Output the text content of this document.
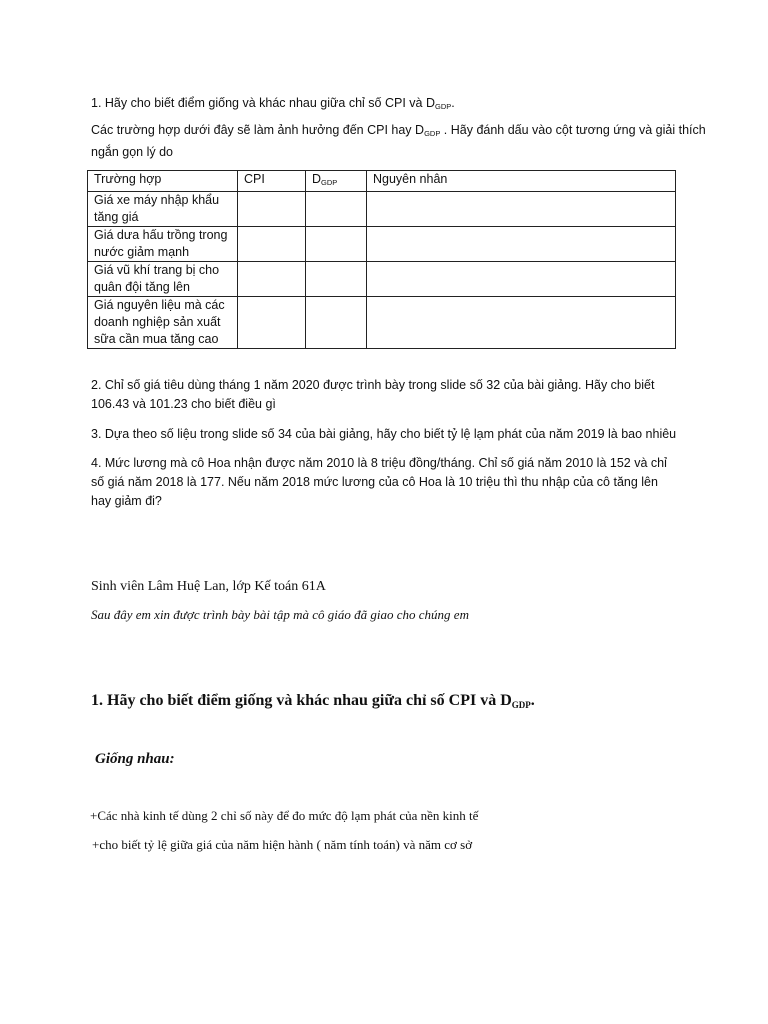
1. Hãy cho biết điểm giống và khác nhau giữa chỉ số CPI và $D_{GDP}$.
Các trường hợp dưới đây sẽ làm ảnh hưởng đến CPI hay $D_{GDP}$ . Hãy đánh dấu vào cột tương ứng và giải thích ngắn gọn lý do
Trường hợp	CPI	$D_{GDP}$	Nguyên nhân
Giá xe máy nhập khẩu tăng giá			
Giá dưa hấu trồng trong nước giảm mạnh			
Giá vũ khí trang bị cho quân đội tăng lên			
Giá nguyên liệu mà các doanh nghiệp sản xuất sữa cần mua tăng cao			
2. Chỉ số giá tiêu dùng tháng 1 năm 2020 được trình bày trong slide số 32 của bài giảng. Hãy cho biết 106.43 và 101.23 cho biết điều gì
3. Dựa theo số liệu trong slide số 34 của bài giảng, hãy cho biết tỷ lệ lạm phát của năm 2019 là bao nhiêu
4. Mức lương mà cô Hoa nhận được năm 2010 là 8 triệu đồng/tháng. Chỉ số giá năm 2010 là 152 và chỉ số giá năm 2018 là 177. Nếu năm 2018 mức lương của cô Hoa là 10 triệu thì thu nhập của cô tăng lên hay giảm đi?
Sinh viên Lâm Huệ Lan, lớp Kế toán 61A
Sau đây em xin được trình bày bài tập mà cô giáo đã giao cho chúng em
1. Hãy cho biết điểm giống và khác nhau giữa chỉ số CPI và $D_{GDP}$.
Giống nhau:
+Các nhà kinh tế dùng 2 chỉ số này để đo mức độ lạm phát của nền kinh tế
+cho biết tỷ lệ giữa giá của năm hiện hành ( năm tính toán) và năm cơ sở
